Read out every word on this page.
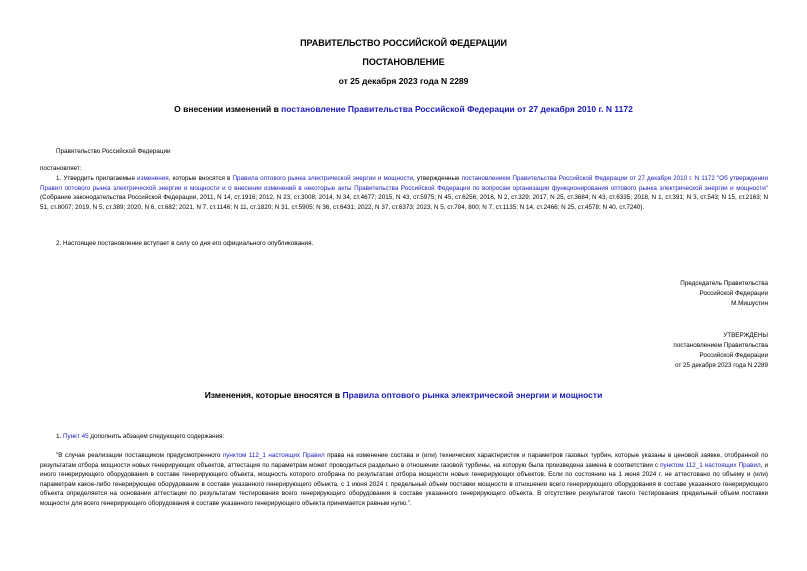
ПРАВИТЕЛЬСТВО РОССИЙСКОЙ ФЕДЕРАЦИИ
ПОСТАНОВЛЕНИЕ
от 25 декабря 2023 года N 2289
О внесении изменений в постановление Правительства Российской Федерации от 27 декабря 2010 г. N 1172
Правительство Российской Федерации
постановляет:
1. Утвердить прилагаемые изменения, которые вносятся в Правила оптового рынка электрической энергии и мощности, утвержденные постановлением Правительства Российской Федерации от 27 декабря 2010 г. N 1172 "Об утверждении Правил оптового рынка электрической энергии и мощности и о внесении изменений в некоторые акты Правительства Российской Федерации по вопросам организации функционирования оптового рынка электрической энергии и мощности" (Собрание законодательства Российской Федерации, 2011, N 14, ст.1916; 2012, N 23, ст.3008; 2014, N 34, ст.4677; 2015, N 43, ст.5975; N 45, ст.6256; 2016, N 2, ст.329; 2017, N 25, ст.3684; N 43, ст.6335; 2018, N 1, ст.391; N 3, ст.543; N 15, ст.2163; N 51, ст.8007; 2019, N 5, ст.389; 2020, N 6, ст.682; 2021, N 7, ст.1146; N 11, ст.1820; N 31, ст.5905; N 36, ст.6431; 2022, N 37, ст.6373; 2023, N 5, ст.784, 800; N 7, ст.1135; N 14, ст.2466; N 25, ст.4578; N 40, ст.7240).
2. Настоящее постановление вступает в силу со дня его официального опубликования.
Председатель Правительства
Российской Федерации
М.Мишустин
УТВЕРЖДЕНЫ
постановлением Правительства
Российской Федерации
от 25 декабря 2023 года N 2289
Изменения, которые вносятся в Правила оптового рынка электрической энергии и мощности
1. Пункт 45 дополнить абзацем следующего содержания:
"В случае реализации поставщиком предусмотренного пунктом 112_1 настоящих Правил права на изменение состава и (или) технических характеристик и параметров газовых турбин, которые указаны в ценовой заявке, отобранной по результатам отбора мощности новых генерирующих объектов, аттестация по параметрам может проводиться раздельно в отношении газовой турбины, на которую была произведена замена в соответствии с пунктом 112_1 настоящих Правил, и иного генерирующего оборудования в составе генерирующего объекта, мощность которого отобрана по результатам отбора мощности новых генерирующих объектов. Если по состоянию на 1 июня 2024 г. не аттестовано по объему и (или) параметрам какое-либо генерирующее оборудование в составе указанного генерирующего объекта, с 1 июня 2024 г. предельный объем поставки мощности в отношении всего генерирующего оборудования в составе указанного генерирующего объекта определяется на основании аттестации по результатам тестирования всего генерирующего оборудования в составе указанного генерирующего объекта. В отсутствие результатов такого тестирования предельный объем поставки мощности для всего генерирующего оборудования в составе указанного генерирующего объекта принимается равным нулю.".
